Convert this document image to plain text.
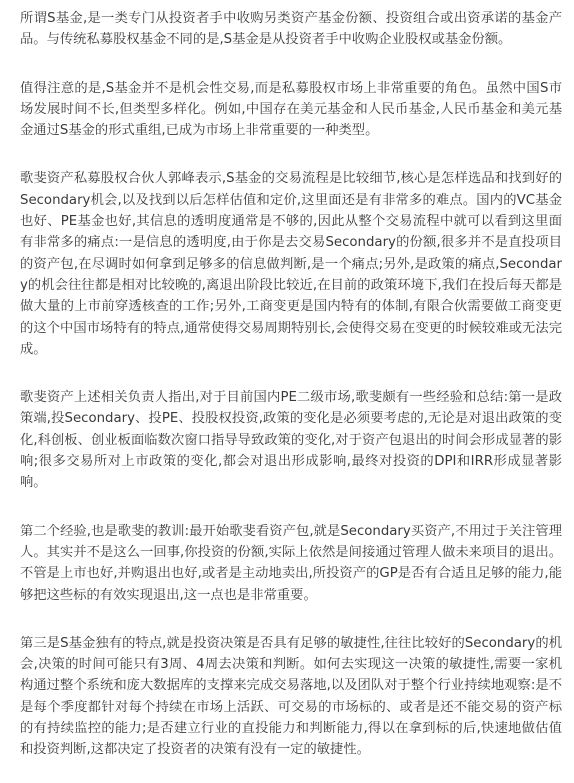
所谓S基金,是一类专门从投资者手中收购另类资产基金份额、投资组合或出资承诺的基金产品。与传统私募股权基金不同的是,S基金是从投资者手中收购企业股权或基金份额。

值得注意的是,S基金并不是机会性交易,而是私募股权市场上非常重要的角色。虽然中国S市场发展时间不长,但类型多样化。例如,中国存在美元基金和人民币基金,人民币基金和美元基金通过S基金的形式重组,已成为市场上非常重要的一种类型。

歌斐资产私募股权合伙人郭峰表示,S基金的交易流程是比较细节,核心是怎样选品和找到好的Secondary机会,以及找到以后怎样估值和定价,这里面还是有非常多的难点。国内的VC基金也好、PE基金也好,其信息的透明度通常是不够的,因此从整个交易流程中就可以看到这里面有非常多的痛点:一是信息的透明度,由于你是去交易Secondary的份额,很多并不是直投项目的资产包,在尽调时如何拿到足够多的信息做判断,是一个痛点;另外,是政策的痛点,Secondary的机会往往都是相对比较晚的,离退出阶段比较近,在目前的政策环境下,我们在投后每天都是做大量的上市前穿透核查的工作;另外,工商变更是国内特有的体制,有限合伙需要做工商变更的这个中国市场特有的特点,通常使得交易周期特别长,会使得交易在变更的时候较难或无法完成。

歌斐资产上述相关负责人指出,对于目前国内PE二级市场,歌斐颇有一些经验和总结:第一是政策端,投Secondary、投PE、投股权投资,政策的变化是必须要考虑的,无论是对退出政策的变化,科创板、创业板面临数次窗口指导导致政策的变化,对于资产包退出的时间会形成显著的影响;很多交易所对上市政策的变化,都会对退出形成影响,最终对投资的DPI和IRR形成显著影响。

第二个经验,也是歌斐的教训:最开始歌斐看资产包,就是Secondary买资产,不用过于关注管理人。其实并不是这么一回事,你投资的份额,实际上依然是间接通过管理人做未来项目的退出。不管是上市也好,并购退出也好,或者是主动地卖出,所投资产的GP是否有合适且足够的能力,能够把这些标的有效实现退出,这一点也是非常重要。

第三是S基金独有的特点,就是投资决策是否具有足够的敏捷性,往往比较好的Secondary的机会,决策的时间可能只有3周、4周去决策和判断。如何去实现这一决策的敏捷性,需要一家机构通过整个系统和庞大数据库的支撑来完成交易落地,以及团队对于整个行业持续地观察:是不是每个季度都针对每个持续在市场上活跃、可交易的市场标的、或者是还不能交易的资产标的有持续监控的能力;是否建立行业的直投能力和判断能力,得以在拿到标的后,快速地做估值和投资判断,这都决定了投资者的决策有没有一定的敏捷性。
